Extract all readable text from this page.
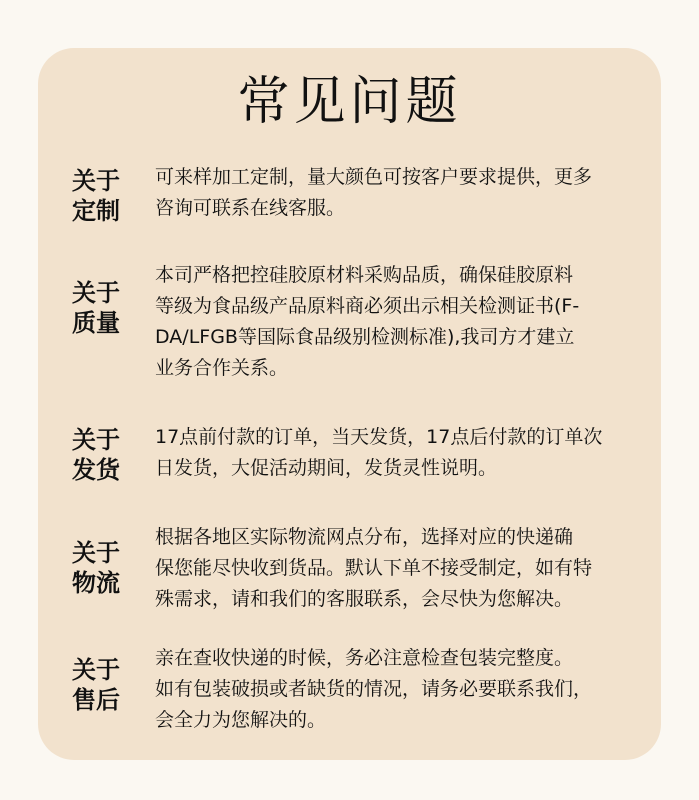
常见问题
关于
定制

可来样加工定制，量大颜色可按客户要求提供，更多
咨询可联系在线客服。

关于
质量

本司严格把控硅胶原材料采购品质，确保硅胶原料
等级为食品级产品原料商必须出示相关检测证书(F-
DA/LFGB等国际食品级别检测标准),我司方才建立
业务合作关系。

关于
发货

17点前付款的订单，当天发货，17点后付款的订单次
日发货，大促活动期间，发货灵性说明。

关于
物流

根据各地区实际物流网点分布，选择对应的快递确
保您能尽快收到货品。默认下单不接受制定，如有特
殊需求，请和我们的客服联系，会尽快为您解决。

关于
售后

亲在查收快递的时候，务必注意检查包装完整度。
如有包装破损或者缺货的情况，请务必要联系我们，
会全力为您解决的。
